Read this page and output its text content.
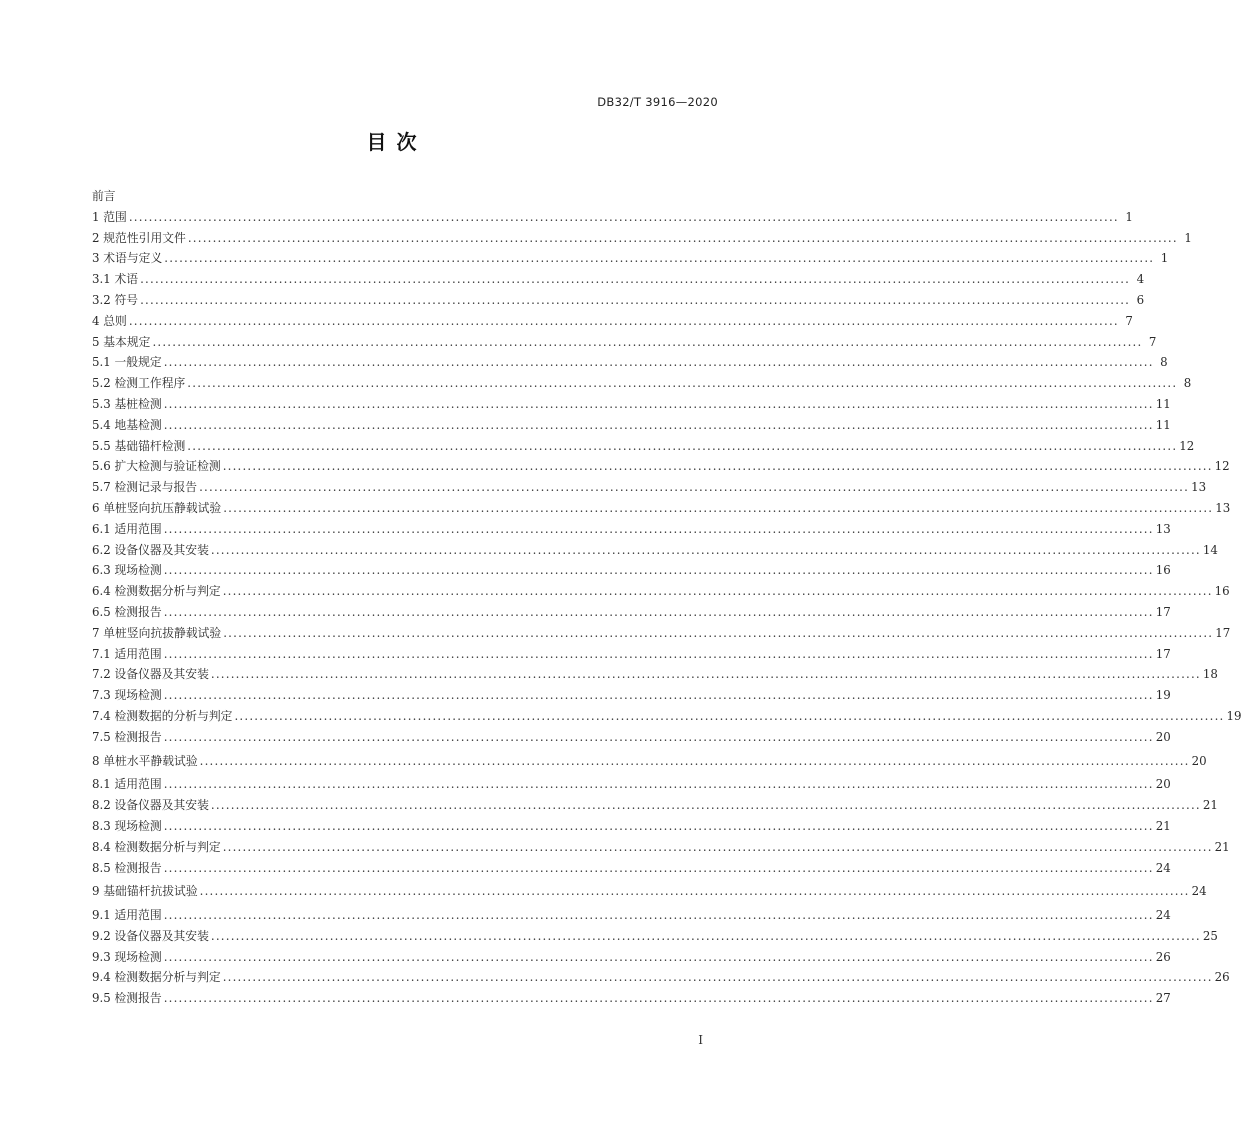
DB32/T 3916—2020
目次
前言
1 范围 ........................................................................................................................................................................................................ 1
2 规范性引用文件 ........................................................................................................................................................................................................ 1
3 术语与定义 ........................................................................................................................................................................................................ 1
3.1 术语 ........................................................................................................................................................................................................ 4
3.2 符号 ........................................................................................................................................................................................................ 6
4 总则 ........................................................................................................................................................................................................ 7
5 基本规定 ........................................................................................................................................................................................................ 7
5.1 一般规定 ........................................................................................................................................................................................................ 8
5.2 检测工作程序 ........................................................................................................................................................................................................ 8
5.3 基桩检测 ........................................................................................................................................................................................................ 11
5.4 地基检测 ........................................................................................................................................................................................................ 11
5.5 基础锚杆检测 ........................................................................................................................................................................................................ 12
5.6 扩大检测与验证检测 ........................................................................................................................................................................................................ 12
5.7 检测记录与报告 ........................................................................................................................................................................................................ 13
6 单桩竖向抗压静载试验 ........................................................................................................................................................................................................ 13
6.1 适用范围 ........................................................................................................................................................................................................ 13
6.2 设备仪器及其安装 ........................................................................................................................................................................................................ 14
6.3 现场检测 ........................................................................................................................................................................................................ 16
6.4 检测数据分析与判定 ........................................................................................................................................................................................................ 16
6.5 检测报告 ........................................................................................................................................................................................................ 17
7 单桩竖向抗拔静载试验 ........................................................................................................................................................................................................ 17
7.1 适用范围 ........................................................................................................................................................................................................ 17
7.2 设备仪器及其安装 ........................................................................................................................................................................................................ 18
7.3 现场检测 ........................................................................................................................................................................................................ 19
7.4 检测数据的分析与判定 ........................................................................................................................................................................................................ 19
7.5 检测报告 ........................................................................................................................................................................................................ 20
8 单桩水平静载试验 ........................................................................................................................................................................................................ 20
8.1 适用范围 ........................................................................................................................................................................................................ 20
8.2 设备仪器及其安装 ........................................................................................................................................................................................................ 21
8.3 现场检测 ........................................................................................................................................................................................................ 21
8.4 检测数据分析与判定 ........................................................................................................................................................................................................ 21
8.5 检测报告 ........................................................................................................................................................................................................ 24
9 基础锚杆抗拔试验 ........................................................................................................................................................................................................ 24
9.1 适用范围 ........................................................................................................................................................................................................ 24
9.2 设备仪器及其安装 ........................................................................................................................................................................................................ 25
9.3 现场检测 ........................................................................................................................................................................................................ 26
9.4 检测数据分析与判定 ........................................................................................................................................................................................................ 26
9.5 检测报告 ........................................................................................................................................................................................................ 27
I
